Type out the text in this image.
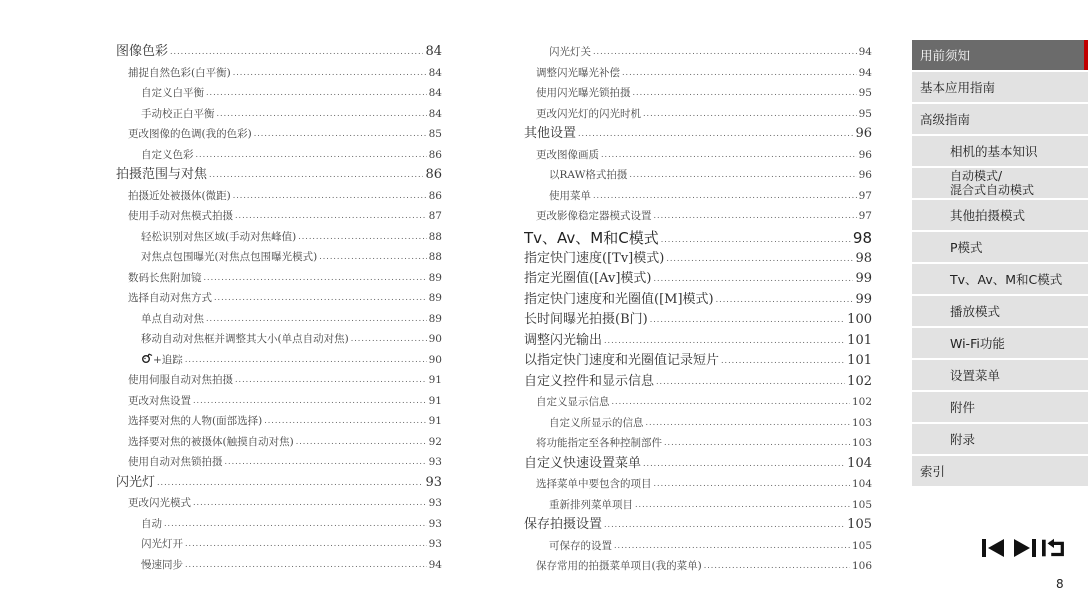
图像色彩 .....	84
捕捉自然色彩(白平衡) .....	84
自定义白平衡 .....	84
手动校正白平衡 .....	84
更改图像的色调(我的色彩) .....	85
自定义色彩 .....	86
拍摄范围与对焦 .....	86
拍摄近处被摄体(微距) .....	86
使用手动对焦模式拍摄 .....	87
轻松识别对焦区域(手动对焦峰值) .....	88
对焦点包围曝光(对焦点包围曝光模式) .....	88
数码长焦附加镜 .....	89
选择自动对焦方式 .....	89
单点自动对焦 .....	89
移动自动对焦框并调整其大小(单点自动对焦) .....	90
+追踪 .....	90
使用伺服自动对焦拍摄 .....	91
更改对焦设置 .....	91
选择要对焦的人物(面部选择) .....	91
选择要对焦的被摄体(触摸自动对焦) .....	92
使用自动对焦锁拍摄 .....	93
闪光灯 .....	93
更改闪光模式 .....	93
自动 .....	93
闪光灯开 .....	93
慢速同步 .....	94
闪光灯关 .....	94
调整闪光曝光补偿 .....	94
使用闪光曝光锁拍摄 .....	95
更改闪光灯的闪光时机 .....	95
其他设置 .....	96
更改图像画质 .....	96
以RAW格式拍摄 .....	96
使用菜单 .....	97
更改影像稳定器模式设置 .....	97
Tv、Av、M和C模式 .....	98
指定快门速度([Tv]模式) .....	98
指定光圈值([Av]模式) .....	99
指定快门速度和光圈值([M]模式) .....	99
长时间曝光拍摄(B门) .....	100
调整闪光输出 .....	101
以指定快门速度和光圈值记录短片 .....	101
自定义控件和显示信息 .....	102
自定义显示信息 .....	102
自定义所显示的信息 .....	103
将功能指定至各种控制部件 .....	103
自定义快速设置菜单 .....	104
选择菜单中要包含的项目 .....	104
重新排列菜单项目 .....	105
保存拍摄设置 .....	105
可保存的设置 .....	105
保存常用的拍摄菜单项目(我的菜单) .....	106
用前须知
基本应用指南
高级指南
相机的基本知识
自动模式/
混合式自动模式
其他拍摄模式
P模式
Tv、Av、M和C模式
播放模式
Wi-Fi功能
设置菜单
附件
附录
索引
8
